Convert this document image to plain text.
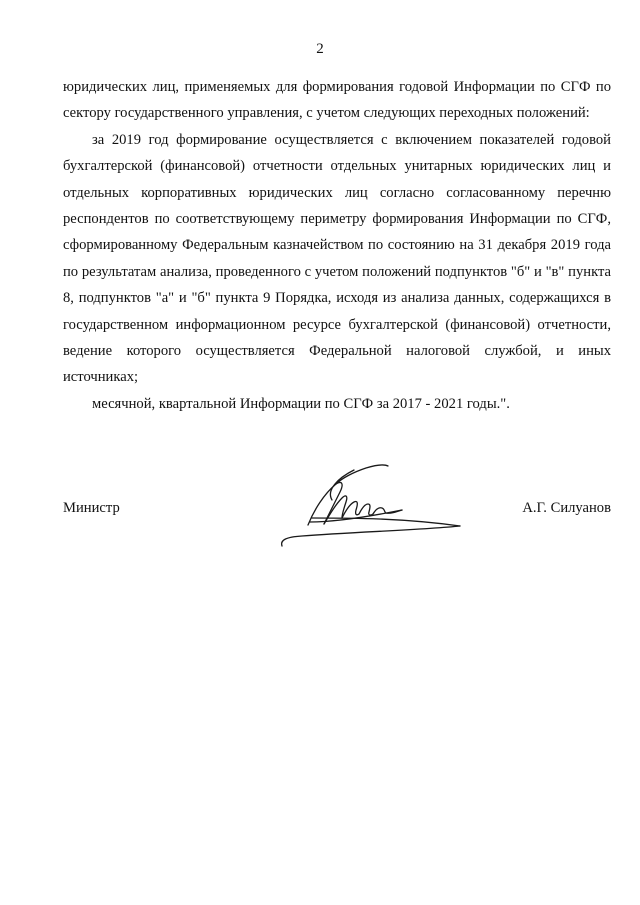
2

юридических лиц, применяемых для формирования годовой Информации по СГФ по сектору государственного управления, с учетом следующих переходных положений:

за 2019 год формирование осуществляется с включением показателей годовой бухгалтерской (финансовой) отчетности отдельных унитарных юридических лиц и отдельных корпоративных юридических лиц согласно согласованному перечню респондентов по соответствующему периметру формирования Информации по СГФ, сформированному Федеральным казначейством по состоянию на 31 декабря 2019 года по результатам анализа, проведенного с учетом положений подпунктов "б" и "в" пункта 8, подпунктов "а" и "б" пункта 9 Порядка, исходя из анализа данных, содержащихся в государственном информационном ресурсе бухгалтерской (финансовой) отчетности, ведение которого осуществляется Федеральной налоговой службой, и иных источниках;

месячной, квартальной Информации по СГФ за 2017 - 2021 годы.".

Министр	А.Г. Силуанов
